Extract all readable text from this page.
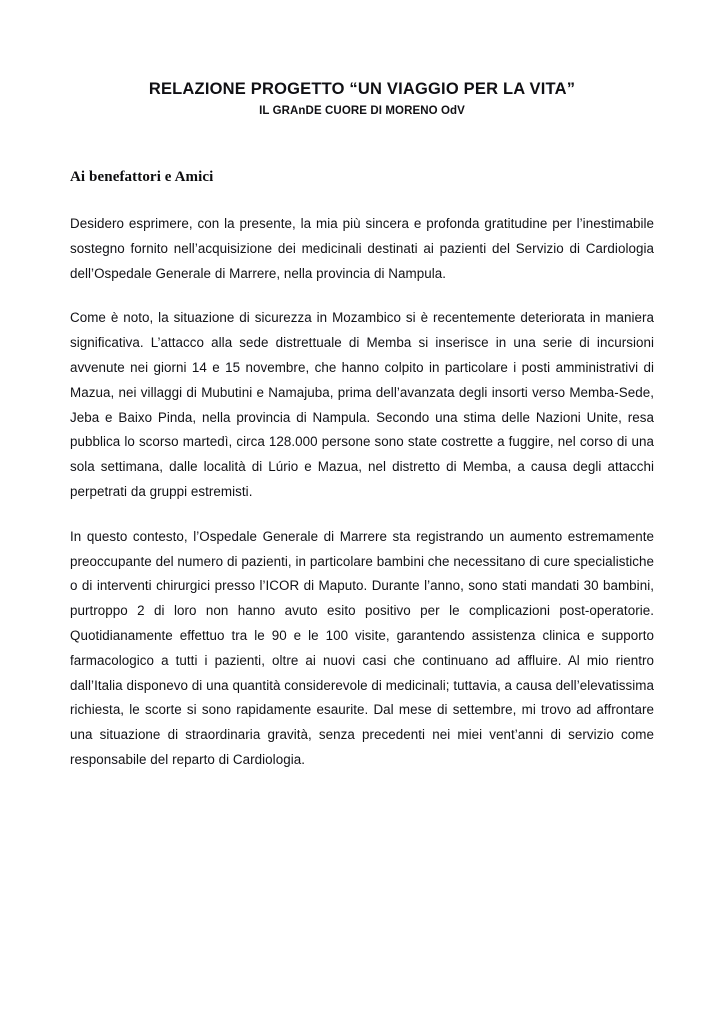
RELAZIONE PROGETTO “UN VIAGGIO PER LA VITA”
IL GRAnDE CUORE DI MORENO OdV
Ai benefattori e Amici

Desidero esprimere, con la presente, la mia più sincera e profonda gratitudine per l’inestimabile sostegno fornito nell’acquisizione dei medicinali destinati ai pazienti del Servizio di Cardiologia dell’Ospedale Generale di Marrere, nella provincia di Nampula.

Come è noto, la situazione di sicurezza in Mozambico si è recentemente deteriorata in maniera significativa. L’attacco alla sede distrettuale di Memba si inserisce in una serie di incursioni avvenute nei giorni 14 e 15 novembre, che hanno colpito in particolare i posti amministrativi di Mazua, nei villaggi di Mubutini e Namajuba, prima dell’avanzata degli insorti verso Memba-Sede, Jeba e Baixo Pinda, nella provincia di Nampula. Secondo una stima delle Nazioni Unite, resa pubblica lo scorso martedì, circa 128.000 persone sono state costrette a fuggire, nel corso di una sola settimana, dalle località di Lúrio e Mazua, nel distretto di Memba, a causa degli attacchi perpetrati da gruppi estremisti.

In questo contesto, l’Ospedale Generale di Marrere sta registrando un aumento estremamente preoccupante del numero di pazienti, in particolare bambini che necessitano di cure specialistiche o di interventi chirurgici presso l’ICOR di Maputo. Durante l’anno, sono stati mandati 30 bambini, purtroppo 2 di loro non hanno avuto esito positivo per le complicazioni post-operatorie. Quotidianamente effettuo tra le 90 e le 100 visite, garantendo assistenza clinica e supporto farmacologico a tutti i pazienti, oltre ai nuovi casi che continuano ad affluire. Al mio rientro dall’Italia disponevo di una quantità considerevole di medicinali; tuttavia, a causa dell’elevatissima richiesta, le scorte si sono rapidamente esaurite. Dal mese di settembre, mi trovo ad affrontare una situazione di straordinaria gravità, senza precedenti nei miei vent’anni di servizio come responsabile del reparto di Cardiologia.
